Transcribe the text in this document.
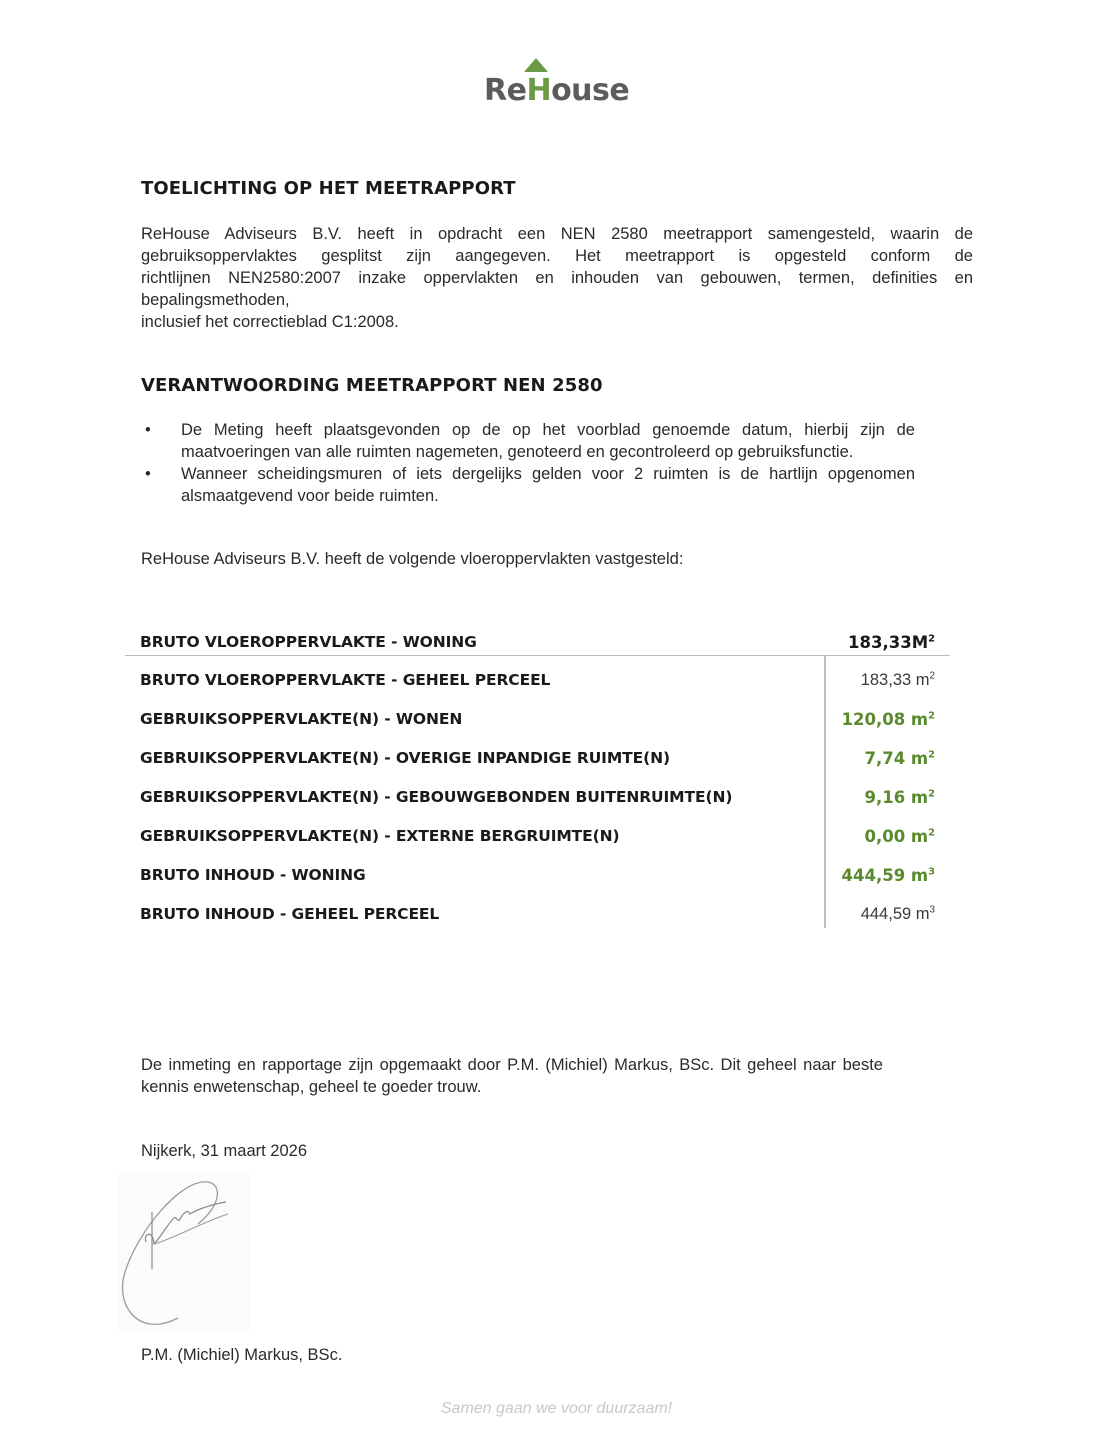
ReHouse
TOELICHTING OP HET MEETRAPPORT
ReHouse Adviseurs B.V. heeft in opdracht een NEN 2580 meetrapport samengesteld, waarin de
gebruiksoppervlaktes gesplitst zijn aangegeven. Het meetrapport is opgesteld conform de
richtlijnen NEN2580:2007 inzake oppervlakten en inhouden van gebouwen, termen, definities en
bepalingsmethoden,
inclusief het correctieblad C1:2008.
VERANTWOORDING MEETRAPPORT NEN 2580
• De Meting heeft plaatsgevonden op de op het voorblad genoemde datum, hierbij zijn de maatvoeringen van alle ruimten nagemeten, genoteerd en gecontroleerd op gebruiksfunctie.
• Wanneer scheidingsmuren of iets dergelijks gelden voor 2 ruimten is de hartlijn opgenomen alsmaatgevend voor beide ruimten.
ReHouse Adviseurs B.V. heeft de volgende vloeroppervlakten vastgesteld:
BRUTO VLOEROPPERVLAKTE - WONING	$183,33M^2$
BRUTO VLOEROPPERVLAKTE - GEHEEL PERCEEL	183,33 $m^2$
GEBRUIKSOPPERVLAKTE(N) - WONEN	120,08 $m^2$
GEBRUIKSOPPERVLAKTE(N) - OVERIGE INPANDIGE RUIMTE(N)	7,74 $m^2$
GEBRUIKSOPPERVLAKTE(N) - GEBOUWGEBONDEN BUITENRUIMTE(N)	9,16 $m^2$
GEBRUIKSOPPERVLAKTE(N) - EXTERNE BERGRUIMTE(N)	0,00 $m^2$
BRUTO INHOUD - WONING	444,59 $m^3$
BRUTO INHOUD - GEHEEL PERCEEL	444,59 $m^3$
De inmeting en rapportage zijn opgemaakt door P.M. (Michiel) Markus, BSc. Dit geheel naar beste kennis enwetenschap, geheel te goeder trouw.
Nijkerk, 31 maart 2026
P.M. (Michiel) Markus, BSc.
Samen gaan we voor duurzaam!
